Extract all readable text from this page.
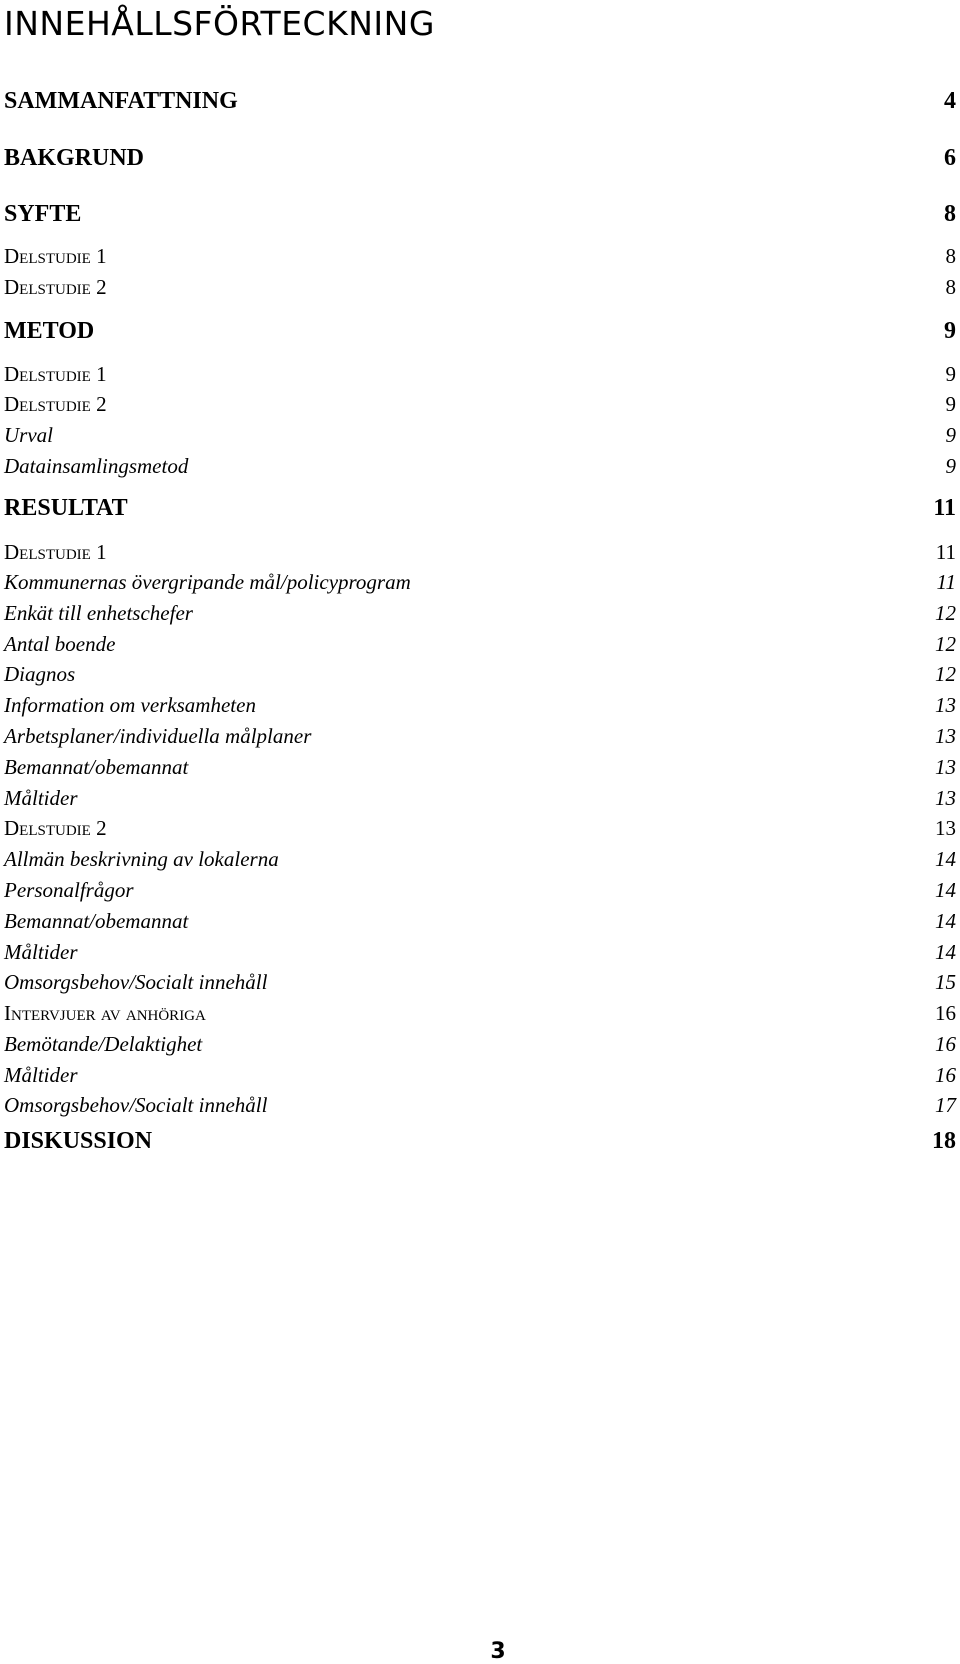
INNEHÅLLSFÖRTECKNING
SAMMANFATTNING	4
BAKGRUND	6
SYFTE	8
Delstudie 1	8
Delstudie 2	8
METOD	9
Delstudie 1	9
Delstudie 2	9
Urval	9
Datainsamlingsmetod	9
RESULTAT	11
Delstudie 1	11
Kommunernas övergripande mål/policyprogram	11
Enkät till enhetschefer	12
Antal boende	12
Diagnos	12
Information om verksamheten	13
Arbetsplaner/individuella målplaner	13
Bemannat/obemannat	13
Måltider	13
Delstudie 2	13
Allmän beskrivning av lokalerna	14
Personalfrågor	14
Bemannat/obemannat	14
Måltider	14
Omsorgsbehov/Socialt innehåll	15
Intervjuer av anhöriga	16
Bemötande/Delaktighet	16
Måltider	16
Omsorgsbehov/Socialt innehåll	17
DISKUSSION	18
3
